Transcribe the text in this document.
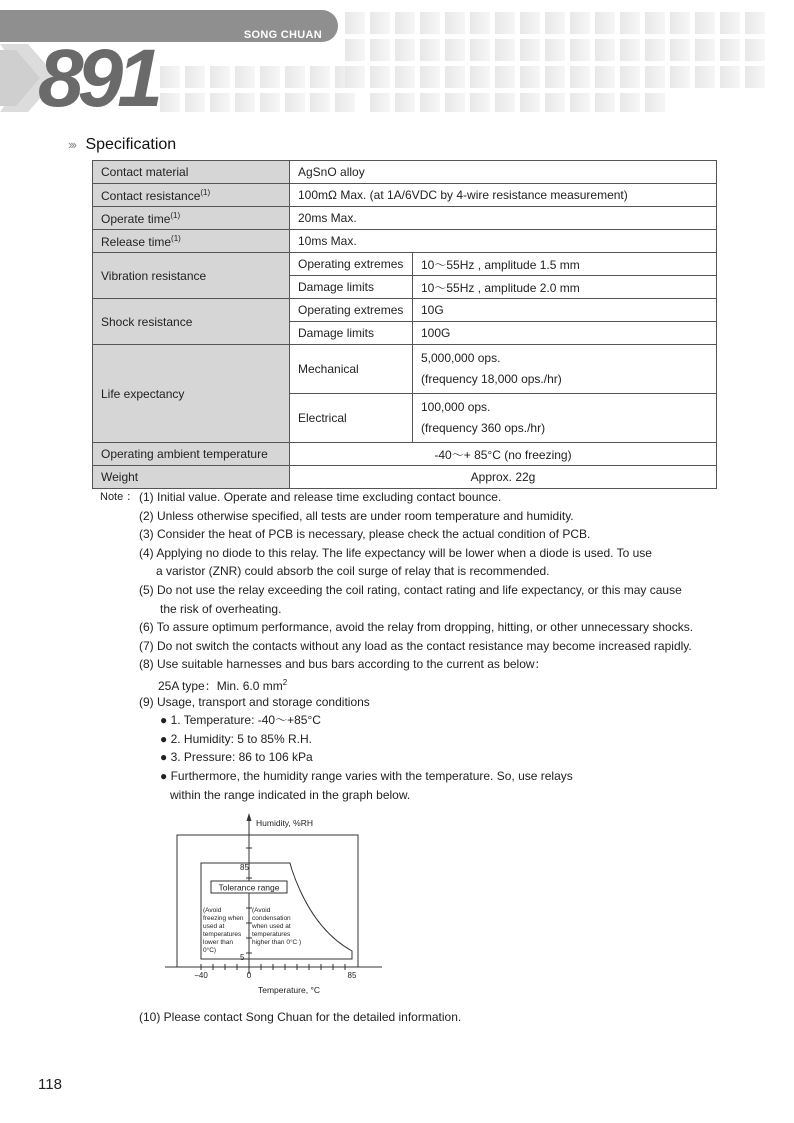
SONG CHUAN
891
››› Specification
Contact material	AgSnO alloy	
Contact resistance$^{(1)}$	100mΩ Max. (at 1A/6VDC by 4-wire resistance measurement)	
Operate time$^{(1)}$	20ms Max.	
Release time$^{(1)}$	10ms Max.	
Vibration resistance	Operating extremes	10～55Hz , amplitude 1.5 mm
	Damage limits	10～55Hz , amplitude 2.0 mm
Shock resistance	Operating extremes	10G
	Damage limits	100G
Life expectancy	Mechanical	5,000,000 ops.
(frequency 18,000 ops./hr)

	Electrical	100,000 ops.
(frequency 360 ops./hr)

Operating ambient temperature	-40～+ 85°C (no freezing)	
Weight	Approx. 22g	
Note ： (1) Initial value. Operate and release time excluding contact bounce.
(2) Unless otherwise specified, all tests are under room temperature and humidity.
(3) Consider the heat of PCB is necessary, please check the actual condition of PCB.
(4) Applying no diode to this relay. The life expectancy will be lower when a diode is used. To use
a varistor (ZNR) could absorb the coil surge of relay that is recommended.
(5) Do not use the relay exceeding the coil rating, contact rating and life expectancy, or this may cause
the risk of overheating.
(6) To assure optimum performance, avoid the relay from dropping, hitting, or other unnecessary shocks.
(7) Do not switch the contacts without any load as the contact resistance may become increased rapidly.
(8) Use suitable harnesses and bus bars according to the current as below：
25A type：Min. 6.0 $mm^2$
(9) Usage, transport and storage conditions
● 1. Temperature: -40～+85°C
● 2. Humidity: 5 to 85% R.H.
● 3. Pressure: 86 to 106 kPa
● Furthermore, the humidity range varies with the temperature. So, use relays
within the range indicated in the graph below.
Tolerance range
85
5
−40	0	85
Humidity, %RH
Temperature, °C
(Avoid
freezing when
used at
temperatures
lower than
0°C)
(Avoid
condensation
when used at
temperatures
higher than 0°C )
(10) Please contact Song Chuan for the detailed information.
118
